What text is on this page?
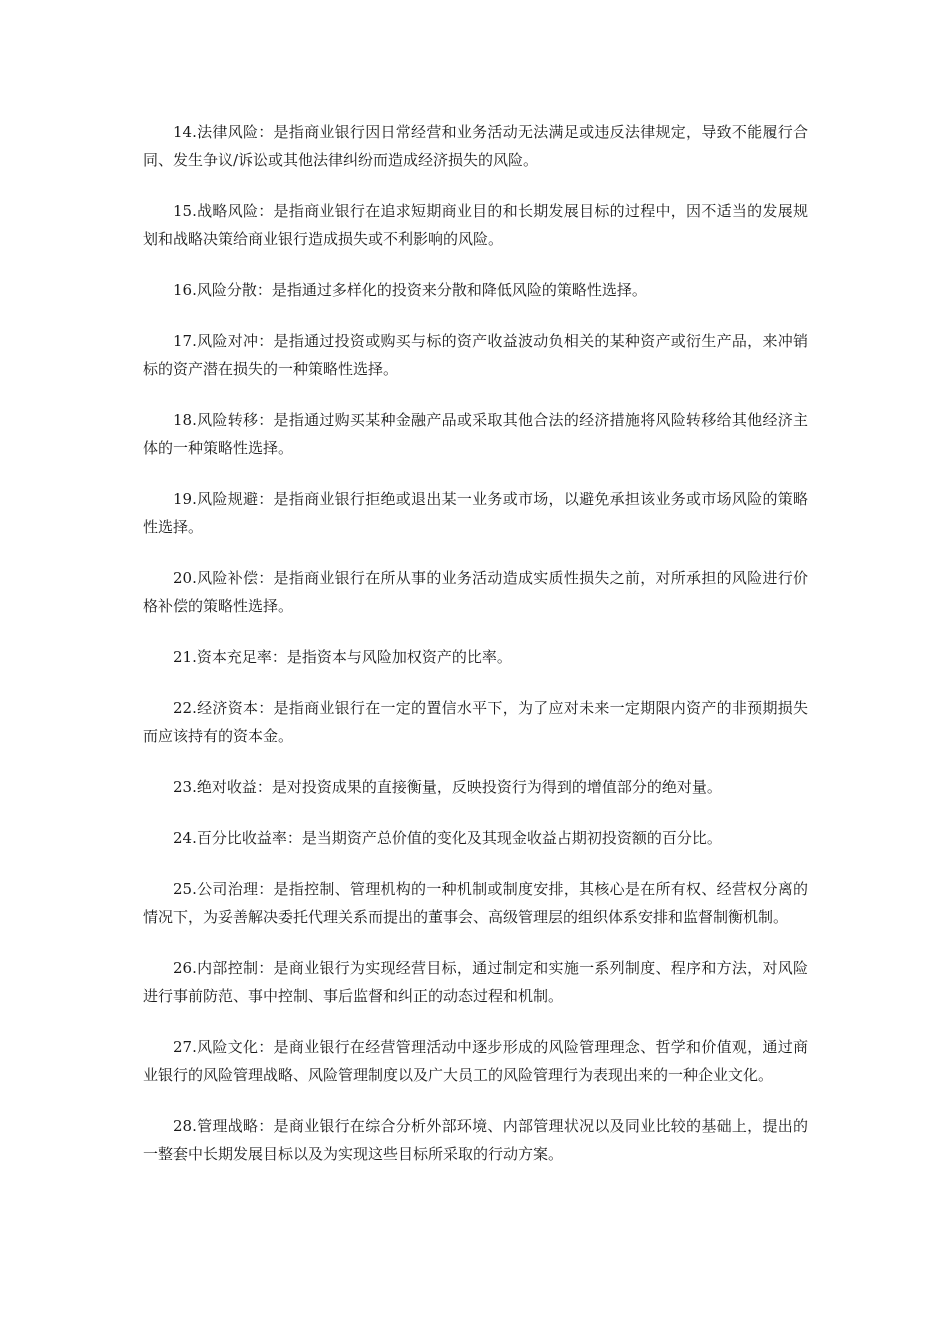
14.法律风险：是指商业银行因日常经营和业务活动无法满足或违反法律规定，导致不能履行合同、发生争议/诉讼或其他法律纠纷而造成经济损失的风险。

15.战略风险：是指商业银行在追求短期商业目的和长期发展目标的过程中，因不适当的发展规划和战略决策给商业银行造成损失或不利影响的风险。

16.风险分散：是指通过多样化的投资来分散和降低风险的策略性选择。

17.风险对冲：是指通过投资或购买与标的资产收益波动负相关的某种资产或衍生产品，来冲销标的资产潜在损失的一种策略性选择。

18.风险转移：是指通过购买某种金融产品或采取其他合法的经济措施将风险转移给其他经济主体的一种策略性选择。

19.风险规避：是指商业银行拒绝或退出某一业务或市场，以避免承担该业务或市场风险的策略性选择。

20.风险补偿：是指商业银行在所从事的业务活动造成实质性损失之前，对所承担的风险进行价格补偿的策略性选择。

21.资本充足率：是指资本与风险加权资产的比率。

22.经济资本：是指商业银行在一定的置信水平下，为了应对未来一定期限内资产的非预期损失而应该持有的资本金。

23.绝对收益：是对投资成果的直接衡量，反映投资行为得到的增值部分的绝对量。

24.百分比收益率：是当期资产总价值的变化及其现金收益占期初投资额的百分比。

25.公司治理：是指控制、管理机构的一种机制或制度安排，其核心是在所有权、经营权分离的情况下，为妥善解决委托代理关系而提出的董事会、高级管理层的组织体系安排和监督制衡机制。

26.内部控制：是商业银行为实现经营目标，通过制定和实施一系列制度、程序和方法，对风险进行事前防范、事中控制、事后监督和纠正的动态过程和机制。

27.风险文化：是商业银行在经营管理活动中逐步形成的风险管理理念、哲学和价值观，通过商业银行的风险管理战略、风险管理制度以及广大员工的风险管理行为表现出来的一种企业文化。

28.管理战略：是商业银行在综合分析外部环境、内部管理状况以及同业比较的基础上，提出的一整套中长期发展目标以及为实现这些目标所采取的行动方案。
